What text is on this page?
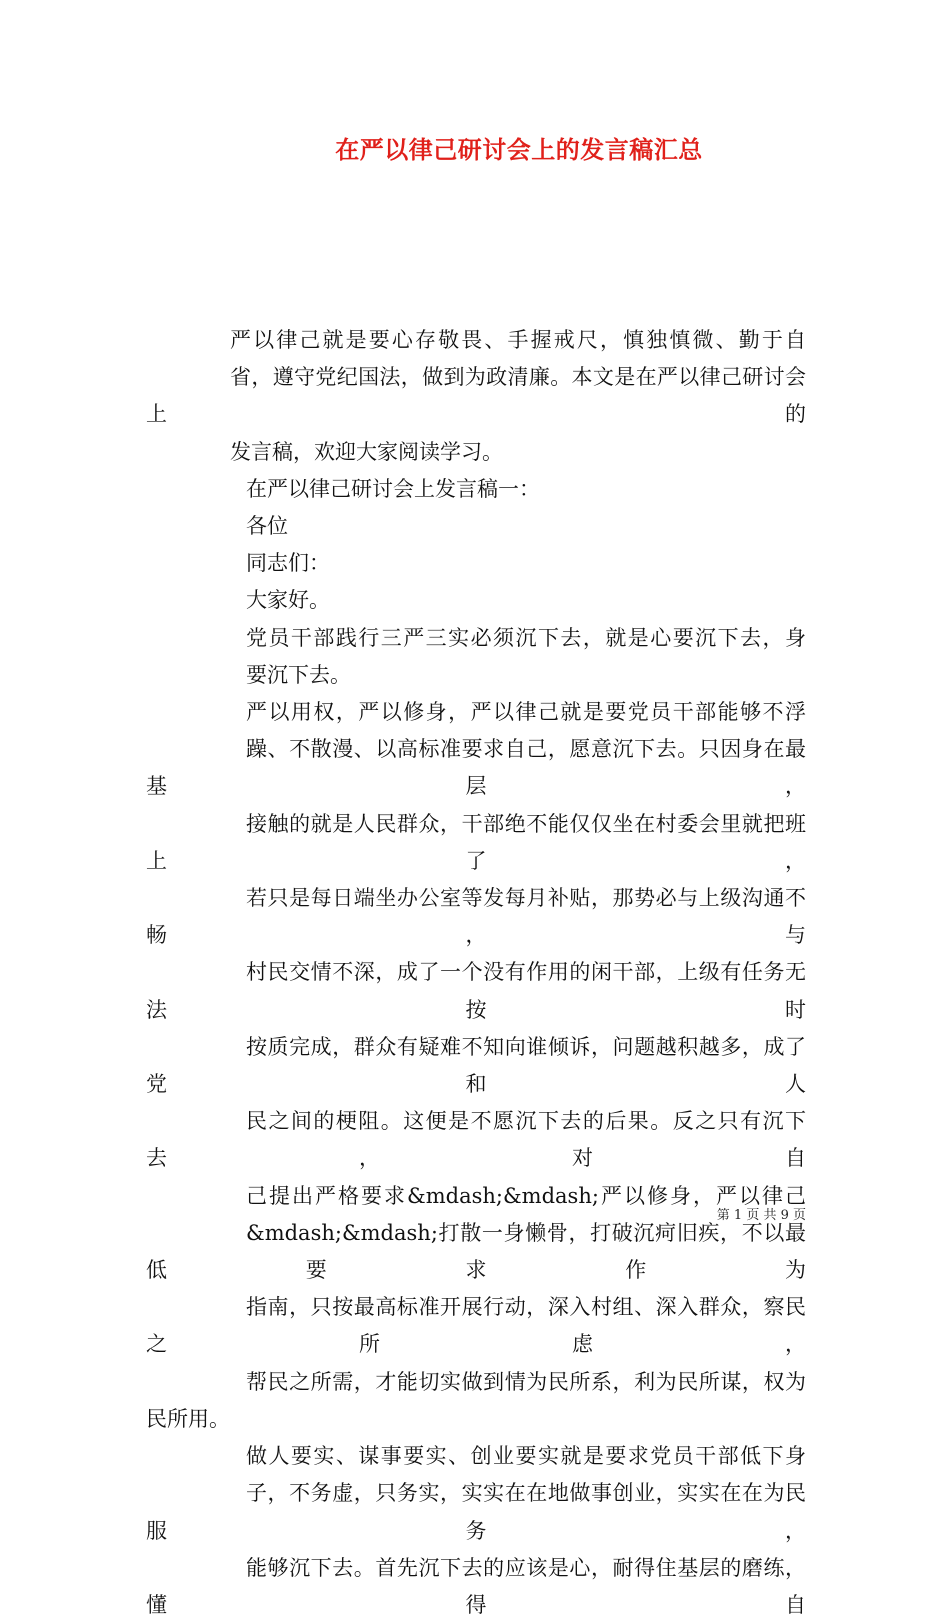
在严以律己研讨会上的发言稿汇总

严以律己就是要心存敬畏、手握戒尺，慎独慎微、勤于自
省，遵守党纪国法，做到为政清廉。本文是在严以律己研讨会上的
发言稿，欢迎大家阅读学习。

在严以律己研讨会上发言稿一：

各位

同志们：

大家好。

党员干部践行三严三实必须沉下去，就是心要沉下去，身
要沉下去。

严以用权，严以修身，严以律己就是要党员干部能够不浮
躁、不散漫、以高标准要求自己，愿意沉下去。只因身在最基层，
接触的就是人民群众，干部绝不能仅仅坐在村委会里就把班上了，
若只是每日端坐办公室等发每月补贴，那势必与上级沟通不畅，与
村民交情不深，成了一个没有作用的闲干部，上级有任务无法按时
按质完成，群众有疑难不知向谁倾诉，问题越积越多，成了党和人
民之间的梗阻。这便是不愿沉下去的后果。反之只有沉下去，对自
己提出严格要求&mdash;&mdash;严以修身，严以律己
&mdash;&mdash;打散一身懒骨，打破沉疴旧疾，不以最低要求作为
指南，只按最高标准开展行动，深入村组、深入群众，察民之所虑，
帮民之所需，才能切实做到情为民所系，利为民所谋，权为民所用。

做人要实、谋事要实、创业要实就是要求党员干部低下身
子，不务虚，只务实，实实在在地做事创业，实实在在为民服务，
能够沉下去。首先沉下去的应该是心，耐得住基层的磨练，懂得自

第 1 页 共 9 页
